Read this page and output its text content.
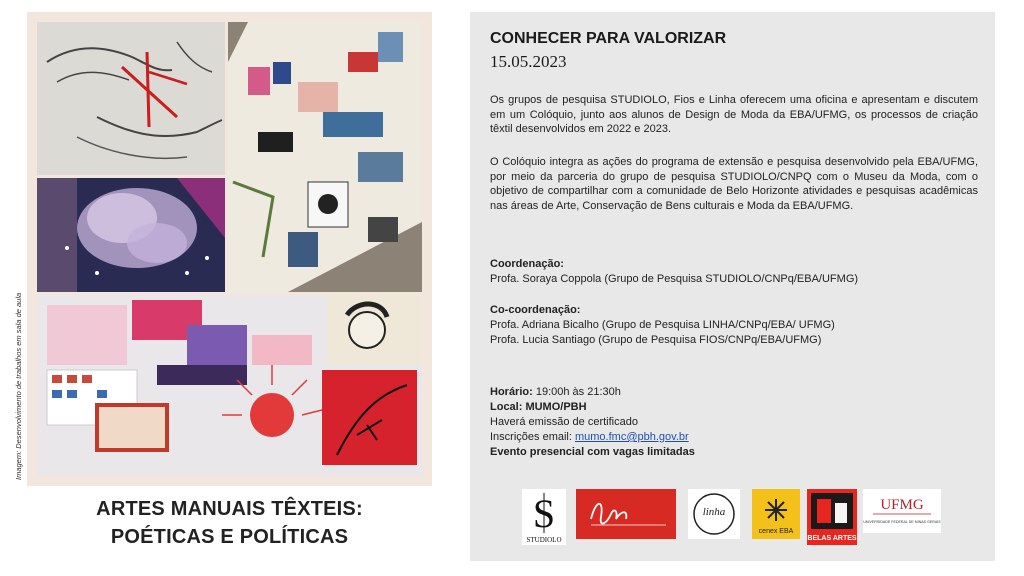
Imagem: Desenvolvimento de trabalhos em sala de aula
ARTES MANUAIS TÊXTEIS:
POÉTICAS E POLÍTICAS
CONHECER PARA VALORIZAR
15.05.2023

Os grupos de pesquisa STUDIOLO, Fios e Linha oferecem uma oficina e apresentam e discutem em um Colóquio, junto aos alunos de Design de Moda da EBA/UFMG, os processos de criação têxtil desenvolvidos em 2022 e 2023.

O Colóquio integra as ações do programa de extensão e pesquisa desenvolvido pela EBA/UFMG, por meio da parceria do grupo de pesquisa STUDIOLO/CNPQ com o Museu da Moda, com o objetivo de compartilhar com a comunidade de Belo Horizonte atividades e pesquisas acadêmicas nas áreas de Arte, Conservação de Bens culturais e Moda da EBA/UFMG.

Coordenação:
Profa. Soraya Coppola (Grupo de Pesquisa STUDIOLO/CNPq/EBA/UFMG)
Co-coordenação:
Profa. Adriana Bicalho (Grupo de Pesquisa LINHA/CNPq/EBA/ UFMG)
Profa. Lucia Santiago (Grupo de Pesquisa FIOS/CNPq/EBA/UFMG)
Horário: 19:00h às 21:30h
Local: MUMO/PBH
Haverá emissão de certificado
Inscrições email: mumo.fmc@pbh.gov.br
Evento presencial com vagas limitadas
S
STUDIOLO
linha
cenex EBA
BELAS ARTES
UFMG
UNIVERSIDADE FEDERAL DE MINAS GERAIS
